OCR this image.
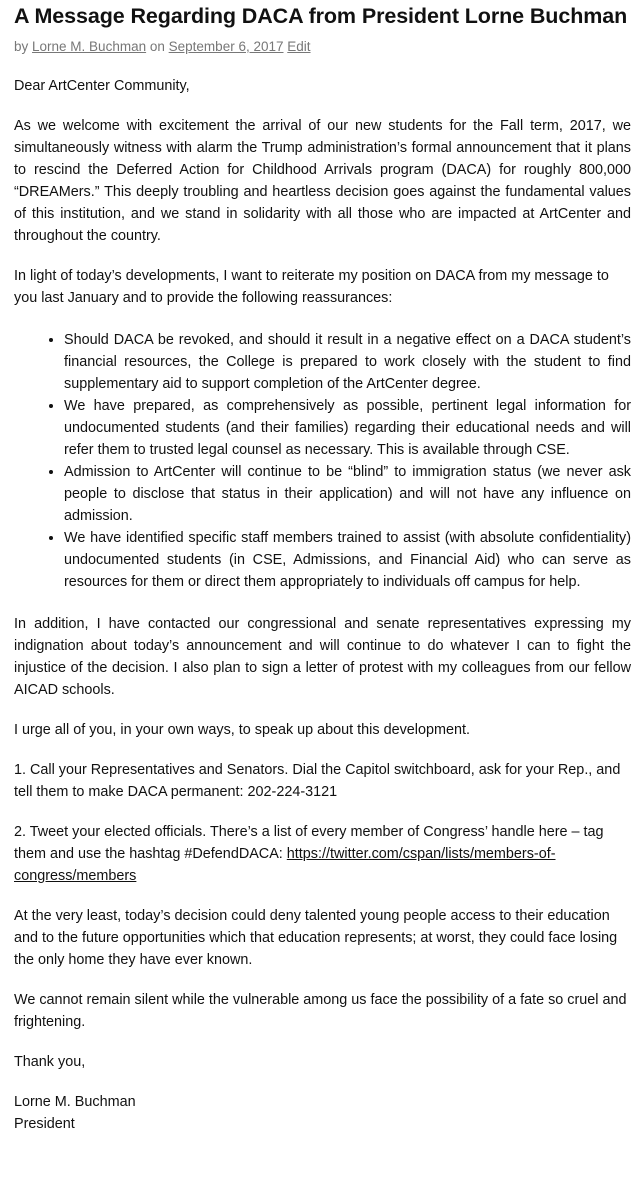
A Message Regarding DACA from President Lorne Buchman
by Lorne M. Buchman on September 6, 2017 Edit

Dear ArtCenter Community,

As we welcome with excitement the arrival of our new students for the Fall term, 2017, we simultaneously witness with alarm the Trump administration’s formal announcement that it plans to rescind the Deferred Action for Childhood Arrivals program (DACA) for roughly 800,000 “DREAMers.” This deeply troubling and heartless decision goes against the fundamental values of this institution, and we stand in solidarity with all those who are impacted at ArtCenter and throughout the country.

In light of today’s developments, I want to reiterate my position on DACA from my message to you last January and to provide the following reassurances:

• Should DACA be revoked, and should it result in a negative effect on a DACA student’s financial resources, the College is prepared to work closely with the student to find supplementary aid to support completion of the ArtCenter degree.
• We have prepared, as comprehensively as possible, pertinent legal information for undocumented students (and their families) regarding their educational needs and will refer them to trusted legal counsel as necessary. This is available through CSE.
• Admission to ArtCenter will continue to be “blind” to immigration status (we never ask people to disclose that status in their application) and will not have any influence on admission.
• We have identified specific staff members trained to assist (with absolute confidentiality) undocumented students (in CSE, Admissions, and Financial Aid) who can serve as resources for them or direct them appropriately to individuals off campus for help.

In addition, I have contacted our congressional and senate representatives expressing my indignation about today’s announcement and will continue to do whatever I can to fight the injustice of the decision. I also plan to sign a letter of protest with my colleagues from our fellow AICAD schools.

I urge all of you, in your own ways, to speak up about this development.

1. Call your Representatives and Senators. Dial the Capitol switchboard, ask for your Rep., and tell them to make DACA permanent: 202-224-3121

2. Tweet your elected officials. There’s a list of every member of Congress’ handle here – tag them and use the hashtag #DefendDACA: https://twitter.com/cspan/lists/members-of-congress/members

At the very least, today’s decision could deny talented young people access to their education and to the future opportunities which that education represents; at worst, they could face losing the only home they have ever known.

We cannot remain silent while the vulnerable among us face the possibility of a fate so cruel and frightening.

Thank you,

Lorne M. Buchman

President
